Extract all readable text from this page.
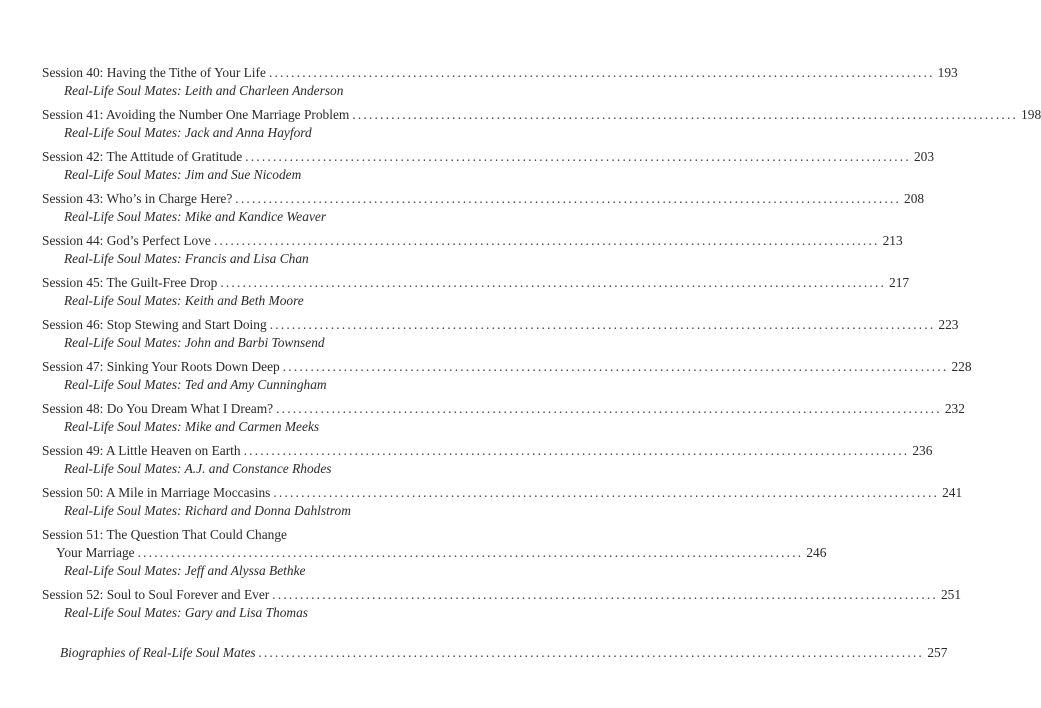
Session 40: Having the Tithe of Your Life ........................................................................................................................ 193
Real-Life Soul Mates: Leith and Charleen Anderson
Session 41: Avoiding the Number One Marriage Problem ........................................................................................................................ 198
Real-Life Soul Mates: Jack and Anna Hayford
Session 42: The Attitude of Gratitude ........................................................................................................................ 203
Real-Life Soul Mates: Jim and Sue Nicodem
Session 43: Who’s in Charge Here? ........................................................................................................................ 208
Real-Life Soul Mates: Mike and Kandice Weaver
Session 44: God’s Perfect Love ........................................................................................................................ 213
Real-Life Soul Mates: Francis and Lisa Chan
Session 45: The Guilt-Free Drop ........................................................................................................................ 217
Real-Life Soul Mates: Keith and Beth Moore
Session 46: Stop Stewing and Start Doing ........................................................................................................................ 223
Real-Life Soul Mates: John and Barbi Townsend
Session 47: Sinking Your Roots Down Deep ........................................................................................................................ 228
Real-Life Soul Mates: Ted and Amy Cunningham
Session 48: Do You Dream What I Dream? ........................................................................................................................ 232
Real-Life Soul Mates: Mike and Carmen Meeks
Session 49: A Little Heaven on Earth ........................................................................................................................ 236
Real-Life Soul Mates: A.J. and Constance Rhodes
Session 50: A Mile in Marriage Moccasins ........................................................................................................................ 241
Real-Life Soul Mates: Richard and Donna Dahlstrom
Session 51: The Question That Could Change
Your Marriage ........................................................................................................................ 246
Real-Life Soul Mates: Jeff and Alyssa Bethke
Session 52: Soul to Soul Forever and Ever ........................................................................................................................ 251
Real-Life Soul Mates: Gary and Lisa Thomas
Biographies of Real-Life Soul Mates ........................................................................................................................ 257
